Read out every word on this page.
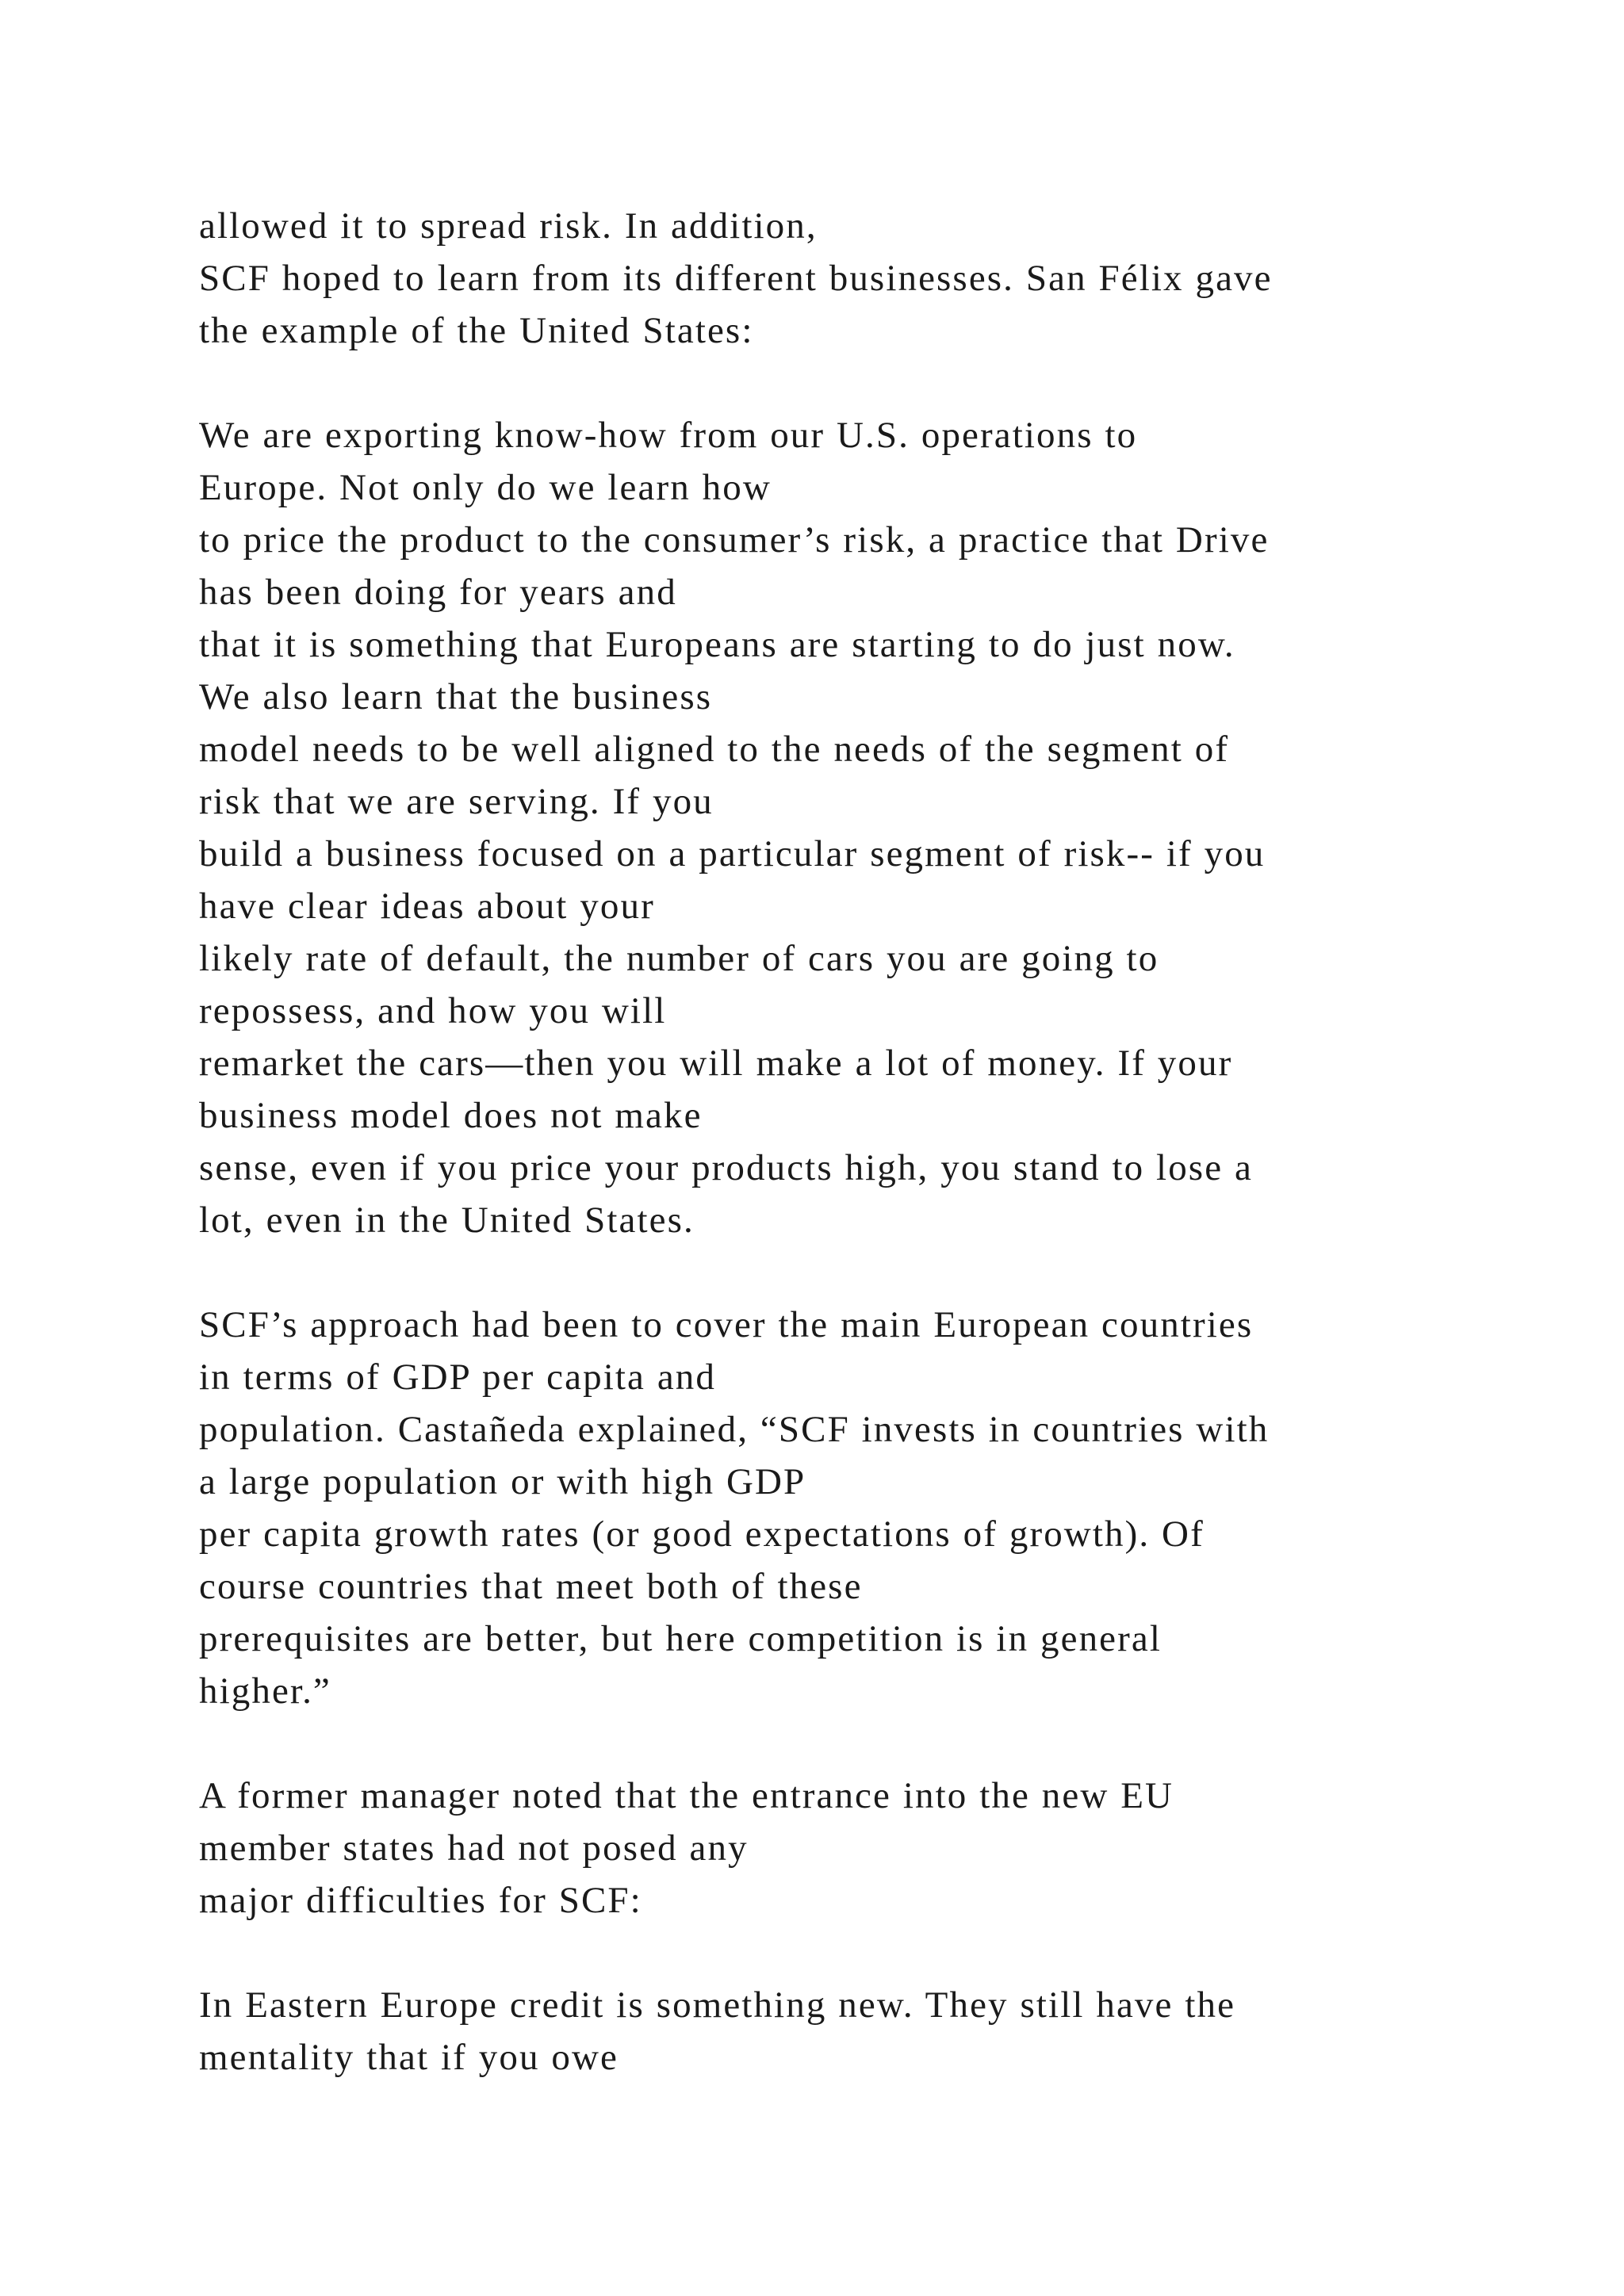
allowed it to spread risk. In addition,
SCF hoped to learn from its different businesses. San Félix gave
the example of the United States:
We are exporting know-how from our U.S. operations to
Europe. Not only do we learn how
to price the product to the consumer’s risk, a practice that Drive
has been doing for years and
that it is something that Europeans are starting to do just now.
We also learn that the business
model needs to be well aligned to the needs of the segment of
risk that we are serving. If you
build a business focused on a particular segment of risk-- if you
have clear ideas about your
likely rate of default, the number of cars you are going to
repossess, and how you will
remarket the cars—then you will make a lot of money. If your
business model does not make
sense, even if you price your products high, you stand to lose a
lot, even in the United States.
SCF’s approach had been to cover the main European countries
in terms of GDP per capita and
population. Castañeda explained, “SCF invests in countries with
a large population or with high GDP
per capita growth rates (or good expectations of growth). Of
course countries that meet both of these
prerequisites are better, but here competition is in general
higher.”
A former manager noted that the entrance into the new EU
member states had not posed any
major difficulties for SCF:
In Eastern Europe credit is something new. They still have the
mentality that if you owe
